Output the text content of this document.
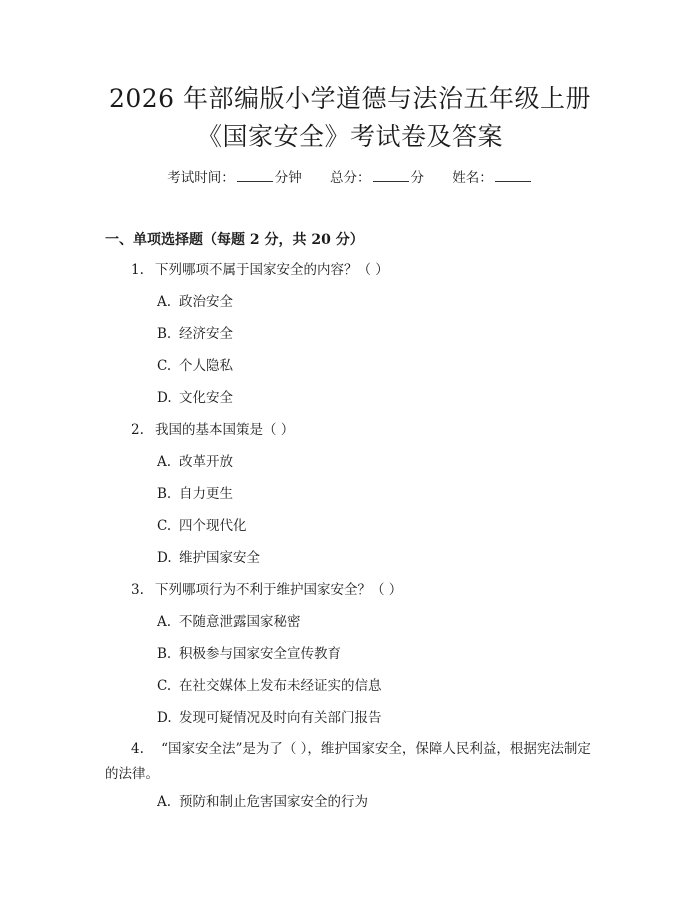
2026 年部编版小学道德与法治五年级上册
《国家安全》考试卷及答案
考试时间：	分钟 总分：	分 姓名：
一、单项选择题（每题 2 分，共 20 分）
1. 下列哪项不属于国家安全的内容？（ ）
A. 政治安全
B. 经济安全
C. 个人隐私
D. 文化安全
2. 我国的基本国策是（ ）
A. 改革开放
B. 自力更生
C. 四个现代化
D. 维护国家安全
3. 下列哪项行为不利于维护国家安全？（ ）
A. 不随意泄露国家秘密
B. 积极参与国家安全宣传教育
C. 在社交媒体上发布未经证实的信息
D. 发现可疑情况及时向有关部门报告
4. “国家安全法”是为了（ ），维护国家安全，保障人民利益，根据宪法制定的法律。
A. 预防和制止危害国家安全的行为
